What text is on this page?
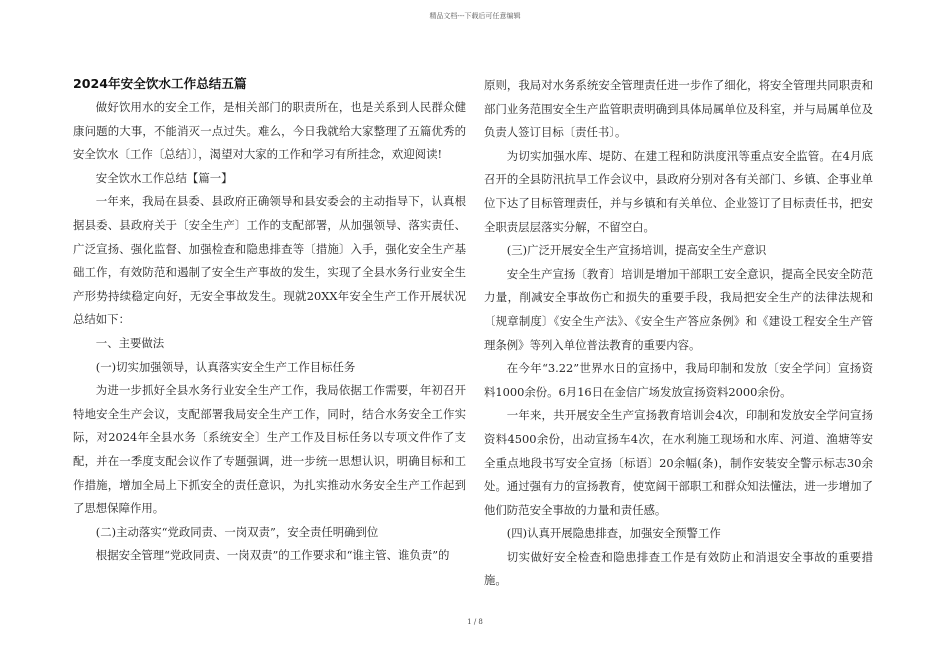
精品文档---下载后可任意编辑

2024年安全饮水工作总结五篇

做好饮用水的安全工作，是相关部门的职责所在，也是关系到人民群众健康问题的大事，不能消灭一点过失。难么，今日我就给大家整理了五篇优秀的安全饮水〔工作〔总结〕〕，渴望对大家的工作和学习有所挂念，欢迎阅读!

安全饮水工作总结【篇一】

一年来，我局在县委、县政府正确领导和县安委会的主动指导下，认真根据县委、县政府关于〔安全生产〕工作的支配部署，从加强领导、落实责任、广泛宣扬、强化监督、加强检查和隐患排查等〔措施〕入手，强化安全生产基础工作，有效防范和遏制了安全生产事故的发生，实现了全县水务行业安全生产形势持续稳定向好，无安全事故发生。现就20XX年安全生产工作开展状况总结如下：

一、主要做法

(一)切实加强领导，认真落实安全生产工作目标任务

为进一步抓好全县水务行业安全生产工作，我局依据工作需要，年初召开特地安全生产会议，支配部署我局安全生产工作，同时，结合水务安全工作实际，对2024年全县水务〔系统安全〕生产工作及目标任务以专项文件作了支配，并在一季度支配会议作了专题强调，进一步统一思想认识，明确目标和工作措施，增加全局上下抓安全的责任意识，为扎实推动水务安全生产工作起到了思想保障作用。

(二)主动落实“党政同责、一岗双责”，安全责任明确到位

根据安全管理“党政同责、一岗双责”的工作要求和“谁主管、谁负责”的

原则，我局对水务系统安全管理责任进一步作了细化，将安全管理共同职责和部门业务范围安全生产监管职责明确到具体局属单位及科室，并与局属单位及负责人签订目标〔责任书〕。

为切实加强水库、堤防、在建工程和防洪度汛等重点安全监管。在4月底召开的全县防汛抗旱工作会议中，县政府分别对各有关部门、乡镇、企事业单位下达了目标管理责任，并与乡镇和有关单位、企业签订了目标责任书，把安全职责层层落实分解，不留空白。

(三)广泛开展安全生产宣扬培训，提高安全生产意识

安全生产宣扬〔教育〕培训是增加干部职工安全意识，提高全民安全防范力量，削减安全事故伤亡和损失的重要手段，我局把安全生产的法律法规和〔规章制度〕《安全生产法》、《安全生产答应条例》和《建设工程安全生产管理条例》等列入单位普法教育的重要内容。

在今年“3.22”世界水日的宣扬中，我局印制和发放〔安全学问〕宣扬资料1000余份。6月16日在金信广场发放宣扬资料2000余份。

一年来，共开展安全生产宣扬教育培训会4次，印制和发放安全学问宣扬资料4500余份，出动宣扬车4次，在水利施工现场和水库、河道、渔塘等安全重点地段书写安全宣扬〔标语〕20余幅(条)，制作安装安全警示标志30余处。通过强有力的宣扬教育，使宽阔干部职工和群众知法懂法，进一步增加了他们防范安全事故的力量和责任感。

(四)认真开展隐患排查，加强安全预警工作

切实做好安全检查和隐患排查工作是有效防止和消退安全事故的重要措施。

1 / 8
